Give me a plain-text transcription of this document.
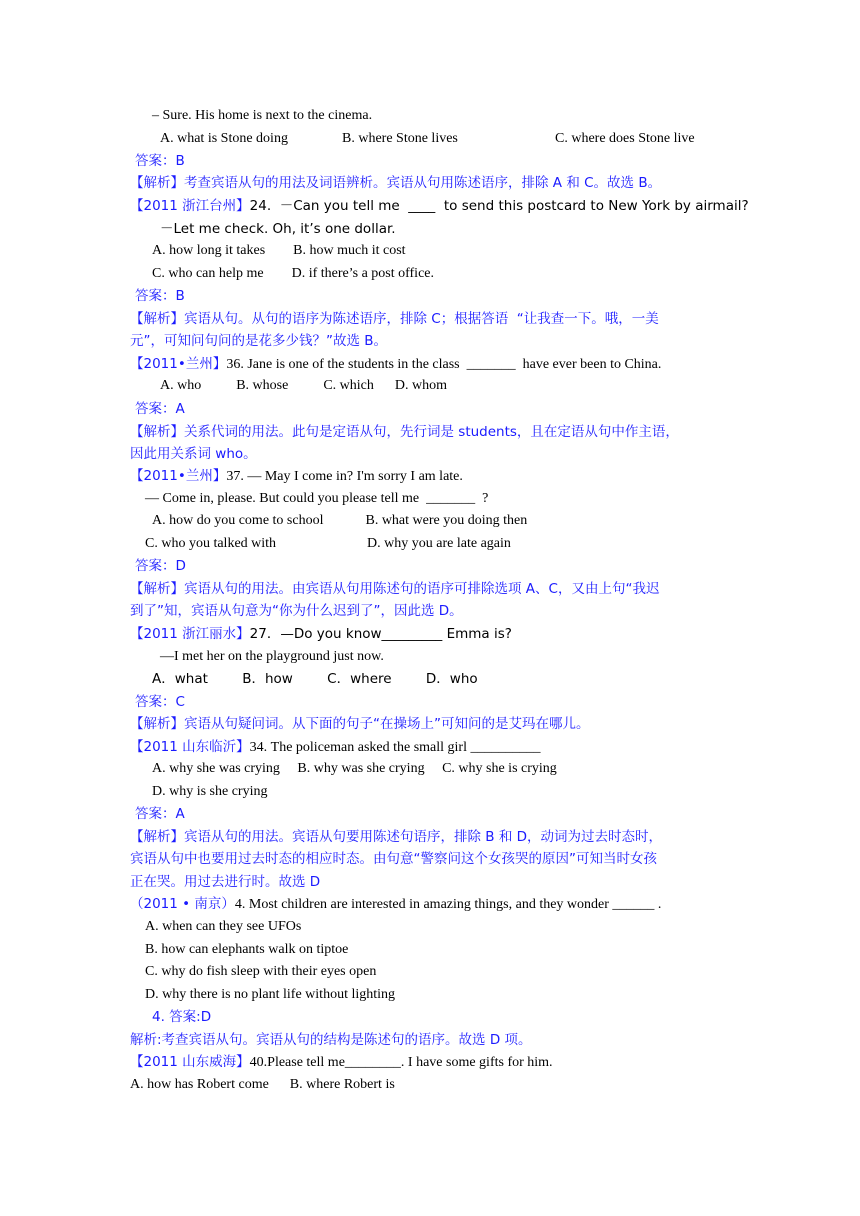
– Sure. His home is next to the cinema.
答案：B
【解析】考查宾语从句的用法及词语辨析。宾语从句用陈述语序，排除 A 和 C。故选 B。
【2011 浙江台州】24.  －Can you tell me  ____  to send this postcard to New York by airmail?
－Let me check. Oh, it’s one dollar.
A. how long it takes        B. how much it cost
C. who can help me        D. if there’s a post office.
答案：B
【解析】宾语从句。从句的语序为陈述语序，排除 C；根据答语  “让我查一下。哦，一美
元”，可知问句问的是花多少钱？”故选 B。
【2011•兰州】36. Jane is one of the students in the class  _______  have ever been to China.
A. who          B. whose          C. which      D. whom
答案：A
【解析】关系代词的用法。此句是定语从句，先行词是 students，且在定语从句中作主语，
因此用关系词 who。
【2011•兰州】37. — May I come in? I'm sorry I am late.
— Come in, please. But could you please tell me  _______  ?
A. how do you come to school            B. what were you doing then
C. who you talked with                          D. why you are late again
答案：D
【解析】宾语从句的用法。由宾语从句用陈述句的语序可排除选项 A、C，又由上句“我迟
到了”知，宾语从句意为“你为什么迟到了”，因此选 D。
【2011 浙江丽水】27．—Do you know_________ Emma is?
—I met her on the playground just now.
A．what        B．how        C．where        D．who
答案：C
【解析】宾语从句疑问词。从下面的句子“在操场上”可知问的是艾玛在哪儿。
【2011 山东临沂】34. The policeman asked the small girl __________
A. why she was crying     B. why was she crying     C. why she is crying
D. why is she crying
答案：A
【解析】宾语从句的用法。宾语从句要用陈述句语序，排除 B 和 D，动词为过去时态时，
宾语从句中也要用过去时态的相应时态。由句意“警察问这个女孩哭的原因”可知当时女孩
正在哭。用过去进行时。故选 D
（2011 • 南京）4. Most children are interested in amazing things, and they wonder ______ .
A. when can they see UFOs
B. how can elephants walk on tiptoe
C. why do fish sleep with their eyes open
D. why there is no plant life without lighting
4. 答案:D
解析:考查宾语从句。宾语从句的结构是陈述句的语序。故选 D 项。
【2011 山东威海】40.Please tell me________. I have some gifts for him.
A. how has Robert come      B. where Robert is
A. what is Stone doing	B. where Stone lives	C. where does Stone live
